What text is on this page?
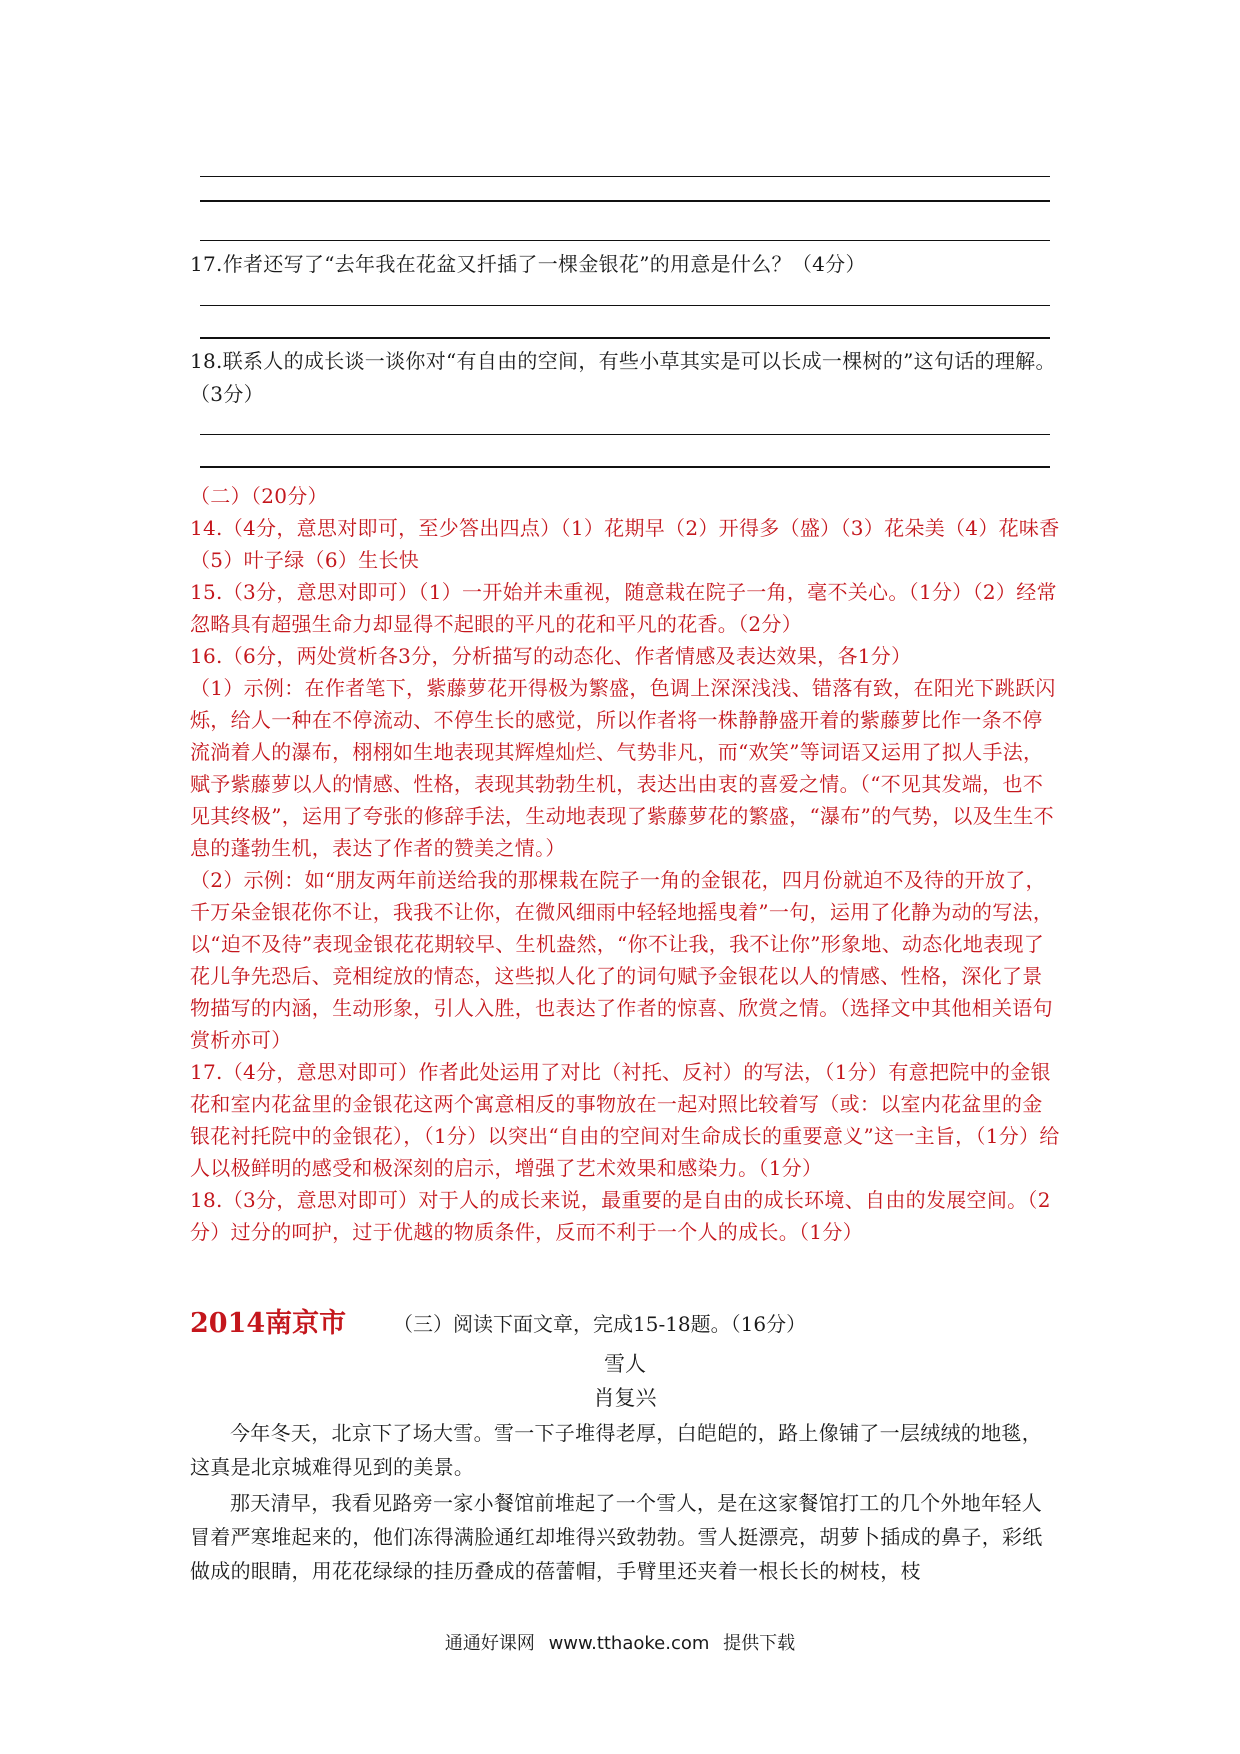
17.作者还写了“去年我在花盆又扦插了一棵金银花”的用意是什么？（4分）
18.联系人的成长谈一谈你对“有自由的空间，有些小草其实是可以长成一棵树的”这句话的理解。（3分）

（二）（20分）

14.（4分，意思对即可，至少答出四点）（1）花期早（2）开得多（盛）（3）花朵美（4）花味香（5）叶子绿（6）生长快

15.（3分，意思对即可）（1）一开始并未重视，随意栽在院子一角，毫不关心。（1分）（2）经常忽略具有超强生命力却显得不起眼的平凡的花和平凡的花香。（2分）

16.（6分，两处赏析各3分，分析描写的动态化、作者情感及表达效果，各1分）

（1）示例：在作者笔下，紫藤萝花开得极为繁盛，色调上深深浅浅、错落有致，在阳光下跳跃闪烁，给人一种在不停流动、不停生长的感觉，所以作者将一株静静盛开着的紫藤萝比作一条不停流淌着人的瀑布，栩栩如生地表现其辉煌灿烂、气势非凡，而“欢笑”等词语又运用了拟人手法，赋予紫藤萝以人的情感、性格，表现其勃勃生机，表达出由衷的喜爱之情。（“不见其发端，也不见其终极”，运用了夸张的修辞手法，生动地表现了紫藤萝花的繁盛，“瀑布”的气势，以及生生不息的蓬勃生机，表达了作者的赞美之情。）

（2）示例：如“朋友两年前送给我的那棵栽在院子一角的金银花，四月份就迫不及待的开放了，千万朵金银花你不让，我我不让你，在微风细雨中轻轻地摇曳着”一句，运用了化静为动的写法，以“迫不及待”表现金银花花期较早、生机盎然，“你不让我，我不让你”形象地、动态化地表现了花儿争先恐后、竞相绽放的情态，这些拟人化了的词句赋予金银花以人的情感、性格，深化了景物描写的内涵，生动形象，引人入胜，也表达了作者的惊喜、欣赏之情。（选择文中其他相关语句赏析亦可）

17.（4分，意思对即可）作者此处运用了对比（衬托、反衬）的写法，（1分）有意把院中的金银花和室内花盆里的金银花这两个寓意相反的事物放在一起对照比较着写（或：以室内花盆里的金银花衬托院中的金银花），（1分）以突出“自由的空间对生命成长的重要意义”这一主旨，（1分）给人以极鲜明的感受和极深刻的启示，增强了艺术效果和感染力。（1分）

18.（3分，意思对即可）对于人的成长来说，最重要的是自由的成长环境、自由的发展空间。（2分）过分的呵护，过于优越的物质条件，反而不利于一个人的成长。（1分）

2014南京市 （三）阅读下面文章，完成15-18题。（16分）
雪人
肖复兴

今年冬天，北京下了场大雪。雪一下子堆得老厚，白皑皑的，路上像铺了一层绒绒的地毯，这真是北京城难得见到的美景。

那天清早，我看见路旁一家小餐馆前堆起了一个雪人，是在这家餐馆打工的几个外地年轻人冒着严寒堆起来的，他们冻得满脸通红却堆得兴致勃勃。雪人挺漂亮，胡萝卜插成的鼻子，彩纸做成的眼睛，用花花绿绿的挂历叠成的蓓蕾帽，手臂里还夹着一根长长的树枝，枝

通通好课网 www.tthaoke.com 提供下载
